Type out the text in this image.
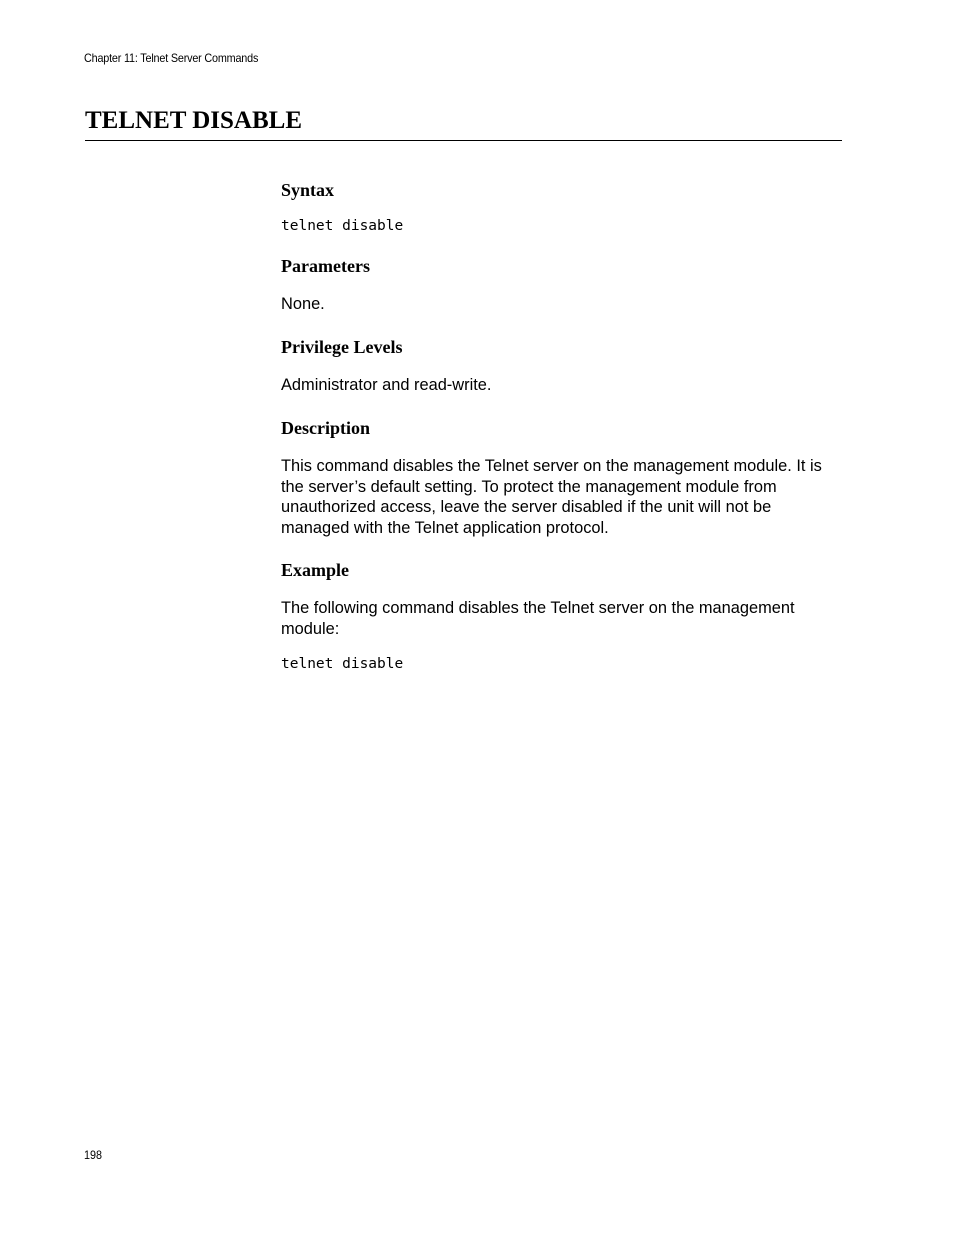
Chapter 11: Telnet Server Commands
TELNET DISABLE
Syntax
telnet disable
Parameters

None.

Privilege Levels

Administrator and read-write.

Description

This command disables the Telnet server on the management module. It is the server’s default setting. To protect the management module from unauthorized access, leave the server disabled if the unit will not be managed with the Telnet application protocol.

Example

The following command disables the Telnet server on the management module:

telnet disable
198
